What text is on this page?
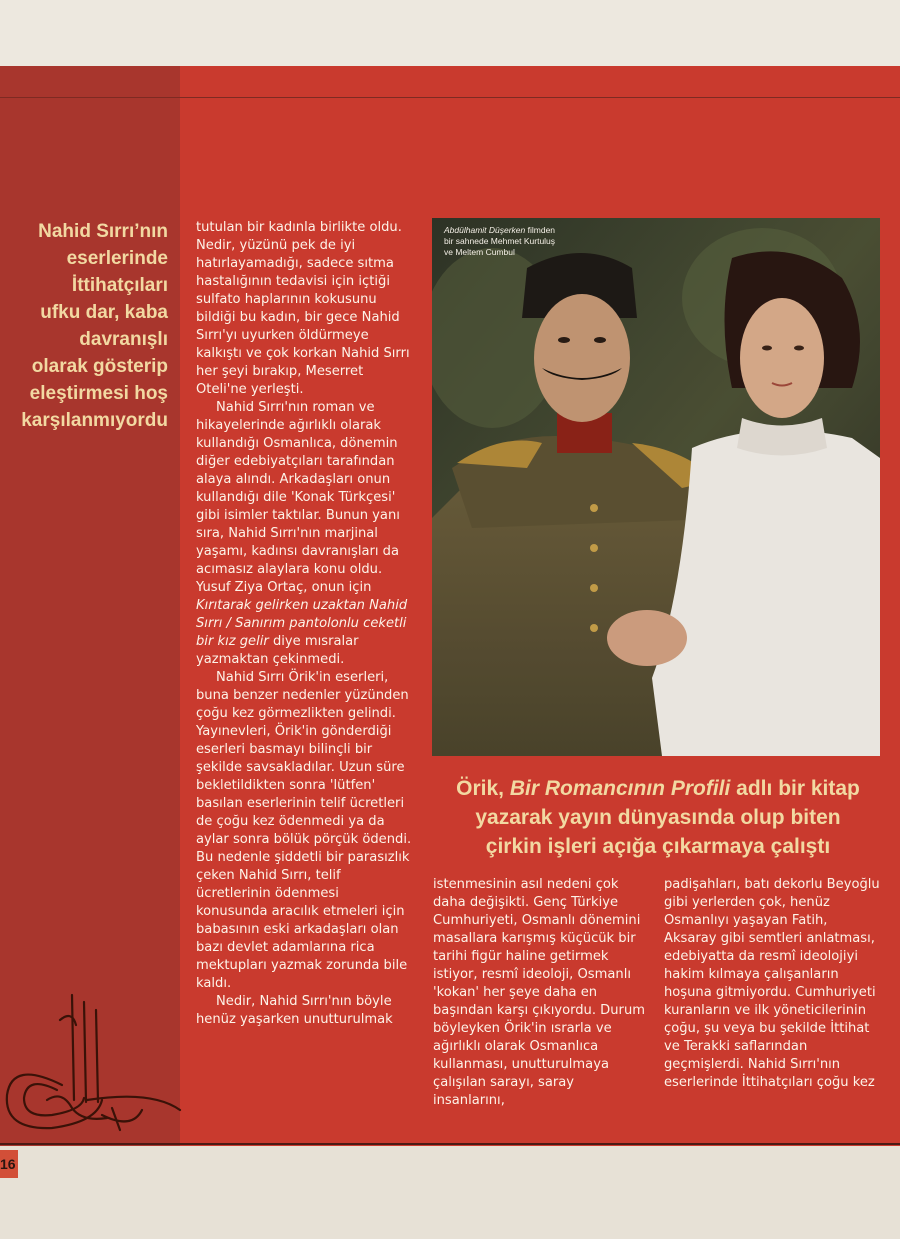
Nahid Sırrı’nın
eserlerinde
İttihatçıları
ufku dar, kaba
davranışlı
olarak gösterip
eleştirmesi hoş
karşılanmıyordu

tutulan bir kadınla birlikte oldu. Nedir, yüzünü pek de iyi hatırlayamadığı, sadece sıtma hastalığının tedavisi için içtiği sulfato haplarının kokusunu bildiği bu kadın, bir gece Nahid Sırrı'yı uyurken öldürmeye kalkıştı ve çok korkan Nahid Sırrı her şeyi bırakıp, Meserret Oteli'ne yerleşti.

Nahid Sırrı'nın roman ve hikayelerinde ağırlıklı olarak kullandığı Osmanlıca, dönemin diğer edebiyatçıları tarafından alaya alındı. Arkadaşları onun kullandığı dile 'Konak Türkçesi' gibi isimler taktılar. Bunun yanı sıra, Nahid Sırrı'nın marjinal yaşamı, kadınsı davranışları da acımasız alaylara konu oldu. Yusuf Ziya Ortaç, onun için Kırıtarak gelirken uzaktan Nahid Sırrı / Sanırım pantolonlu ceketli bir kız gelir diye mısralar yazmaktan çekinmedi.

Nahid Sırrı Örik'in eserleri, buna benzer nedenler yüzünden çoğu kez görmezlikten gelindi. Yayınevleri, Örik'in gönderdiği eserleri basmayı bilinçli bir şekilde savsakladılar. Uzun süre bekletildikten sonra 'lütfen' basılan eserlerinin telif ücretleri de çoğu kez ödenmedi ya da aylar sonra bölük pörçük ödendi. Bu nedenle şiddetli bir parasızlık çeken Nahid Sırrı, telif ücretlerinin ödenmesi konusunda aracılık etmeleri için babasının eski arkadaşları olan bazı devlet adamlarına rica mektupları yazmak zorunda bile kaldı.

Nedir, Nahid Sırrı'nın böyle henüz yaşarken unutturulmak

Abdülhamit Düşerken filmden
bir sahnede Mehmet Kurtuluş
ve Meltem Cumbul
Örik, Bir Romancının Profili adlı bir kitap
yazarak yayın dünyasında olup biten
çirkin işleri açığa çıkarmaya çalıştı

istenmesinin asıl nedeni çok daha değişikti. Genç Türkiye Cumhuriyeti, Osmanlı dönemini masallara karışmış küçücük bir tarihi figür haline getirmek istiyor, resmî ideoloji, Osmanlı 'kokan' her şeye daha en başından karşı çıkıyordu. Durum böyleyken Örik'in ısrarla ve ağırlıklı olarak Osmanlıca kullanması, unutturulmaya çalışılan sarayı, saray insanlarını,

padişahları, batı dekorlu Beyoğlu gibi yerlerden çok, henüz Osmanlıyı yaşayan Fatih, Aksaray gibi semtleri anlatması, edebiyatta da resmî ideolojiyi hakim kılmaya çalışanların hoşuna gitmiyordu. Cumhuriyeti kuranların ve ilk yöneticilerinin çoğu, şu veya bu şekilde İttihat ve Terakki saflarından geçmişlerdi. Nahid Sırrı'nın eserlerinde İttihatçıları çoğu kez

16
